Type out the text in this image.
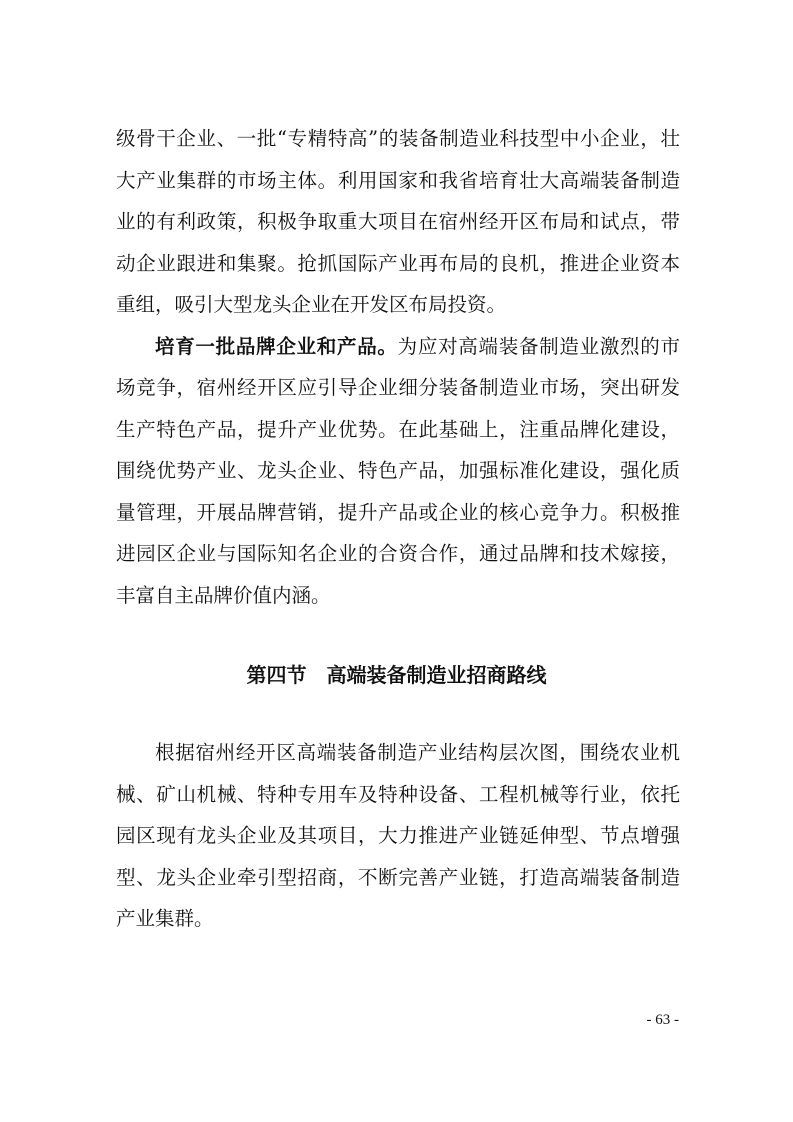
级骨干企业、一批“专精特高”的装备制造业科技型中小企业，壮大产业集群的市场主体。利用国家和我省培育壮大高端装备制造业的有利政策，积极争取重大项目在宿州经开区布局和试点，带动企业跟进和集聚。抢抓国际产业再布局的良机，推进企业资本重组，吸引大型龙头企业在开发区布局投资。

培育一批品牌企业和产品。为应对高端装备制造业激烈的市场竞争，宿州经开区应引导企业细分装备制造业市场，突出研发生产特色产品，提升产业优势。在此基础上，注重品牌化建设，围绕优势产业、龙头企业、特色产品，加强标准化建设，强化质量管理，开展品牌营销，提升产品或企业的核心竞争力。积极推进园区企业与国际知名企业的合资合作，通过品牌和技术嫁接，丰富自主品牌价值内涵。

第四节　高端装备制造业招商路线

根据宿州经开区高端装备制造产业结构层次图，围绕农业机械、矿山机械、特种专用车及特种设备、工程机械等行业，依托园区现有龙头企业及其项目，大力推进产业链延伸型、节点增强型、龙头企业牵引型招商，不断完善产业链，打造高端装备制造产业集群。

- 63 -
